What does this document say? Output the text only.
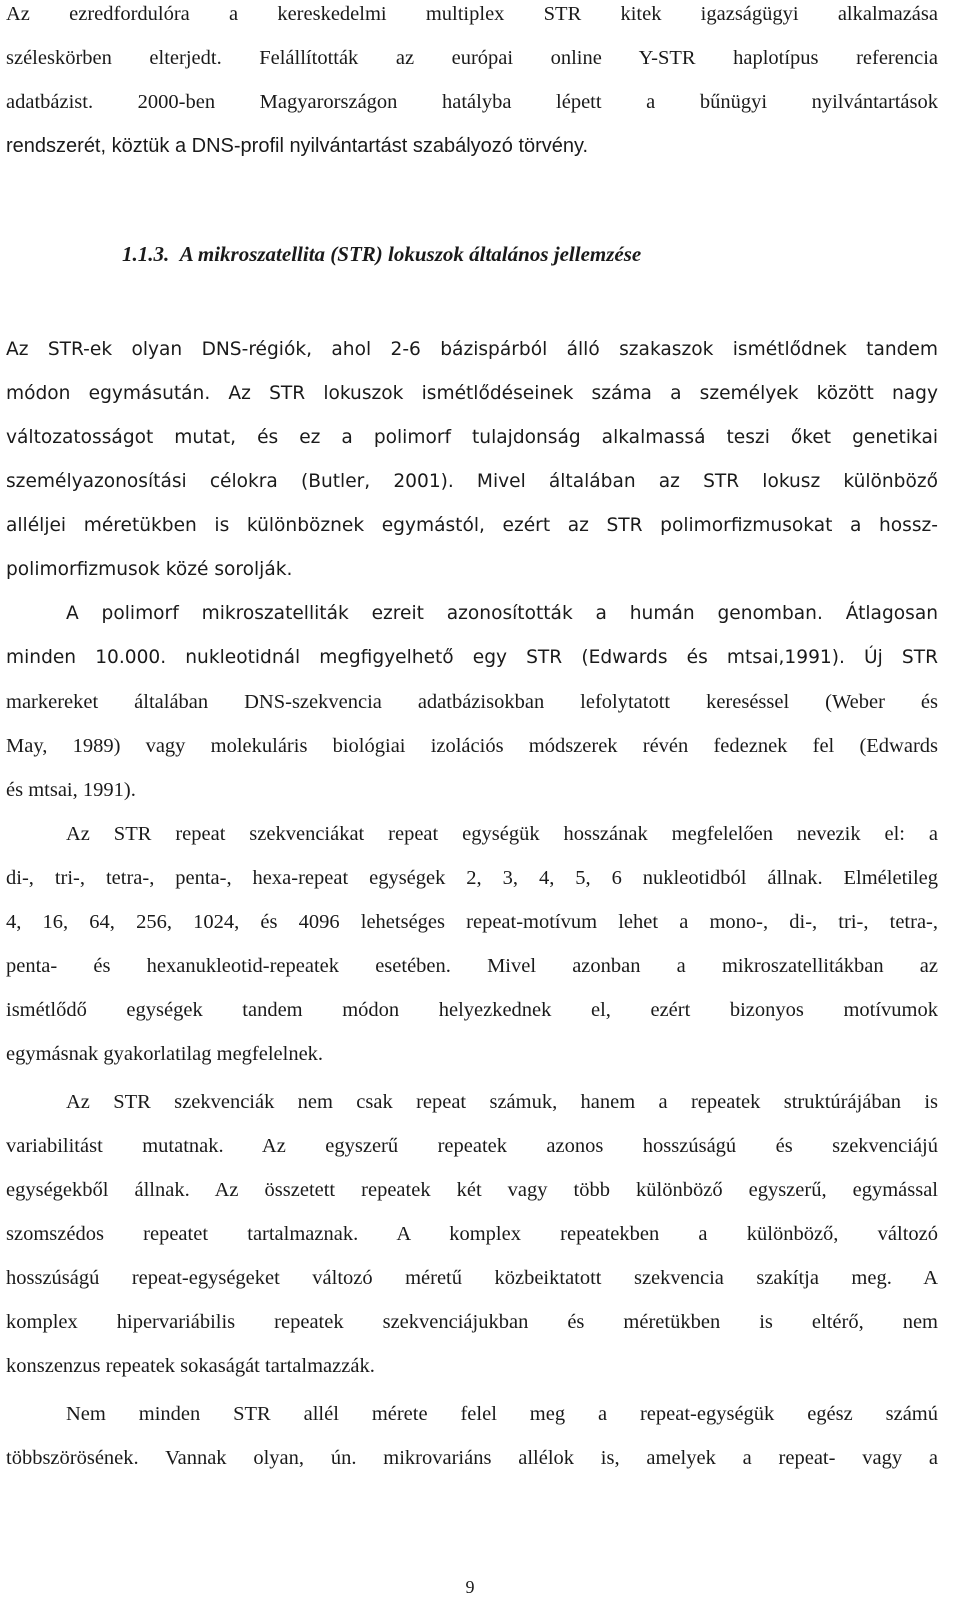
Az ezredfordulóra a kereskedelmi multiplex STR kitek igazságügyi alkalmazása
széleskörben elterjedt. Felállították az európai online Y-STR haplotípus referencia
adatbázist. 2000-ben Magyarországon hatályba lépett a bűnügyi nyilvántartások
rendszerét, köztük a DNS-profil nyilvántartást szabályozó törvény.
1.1.3. A mikroszatellita (STR) lokuszok általános jellemzése
Az STR-ek olyan DNS-régiók, ahol 2-6 bázispárból álló szakaszok ismétlődnek tandem
módon egymásután. Az STR lokuszok ismétlődéseinek száma a személyek között nagy
változatosságot mutat, és ez a polimorf tulajdonság alkalmassá teszi őket genetikai
személyazonosítási célokra (Butler, 2001). Mivel általában az STR lokusz különböző
alléljei méretükben is különböznek egymástól, ezért az STR polimorfizmusokat a hossz-
polimorfizmusok közé sorolják.
A polimorf mikroszatelliták ezreit azonosították a humán genomban. Átlagosan
minden 10.000. nukleotidnál megfigyelhető egy STR (Edwards és mtsai,1991). Új STR
markereket általában DNS-szekvencia adatbázisokban lefolytatott kereséssel (Weber és
May, 1989) vagy molekuláris biológiai izolációs módszerek révén fedeznek fel (Edwards
és mtsai, 1991).
Az STR repeat szekvenciákat repeat egységük hosszának megfelelően nevezik el: a
di-, tri-, tetra-, penta-, hexa-repeat egységek 2, 3, 4, 5, 6 nukleotidból állnak. Elméletileg
4, 16, 64, 256, 1024, és 4096 lehetséges repeat-motívum lehet a mono-, di-, tri-, tetra-,
penta- és hexanukleotid-repeatek esetében. Mivel azonban a mikroszatellitákban az
ismétlődő egységek tandem módon helyezkednek el, ezért bizonyos motívumok
egymásnak gyakorlatilag megfelelnek.
Az STR szekvenciák nem csak repeat számuk, hanem a repeatek struktúrájában is
variabilitást mutatnak. Az egyszerű repeatek azonos hosszúságú és szekvenciájú
egységekből állnak. Az összetett repeatek két vagy több különböző egyszerű, egymással
szomszédos repeatet tartalmaznak. A komplex repeatekben a különböző, változó
hosszúságú repeat-egységeket változó méretű közbeiktatott szekvencia szakítja meg. A
komplex hipervariábilis repeatek szekvenciájukban és méretükben is eltérő, nem
konszenzus repeatek sokaságát tartalmazzák.
Nem minden STR allél mérete felel meg a repeat-egységük egész számú
többszörösének. Vannak olyan, ún. mikrovariáns allélok is, amelyek a repeat- vagy a
9
